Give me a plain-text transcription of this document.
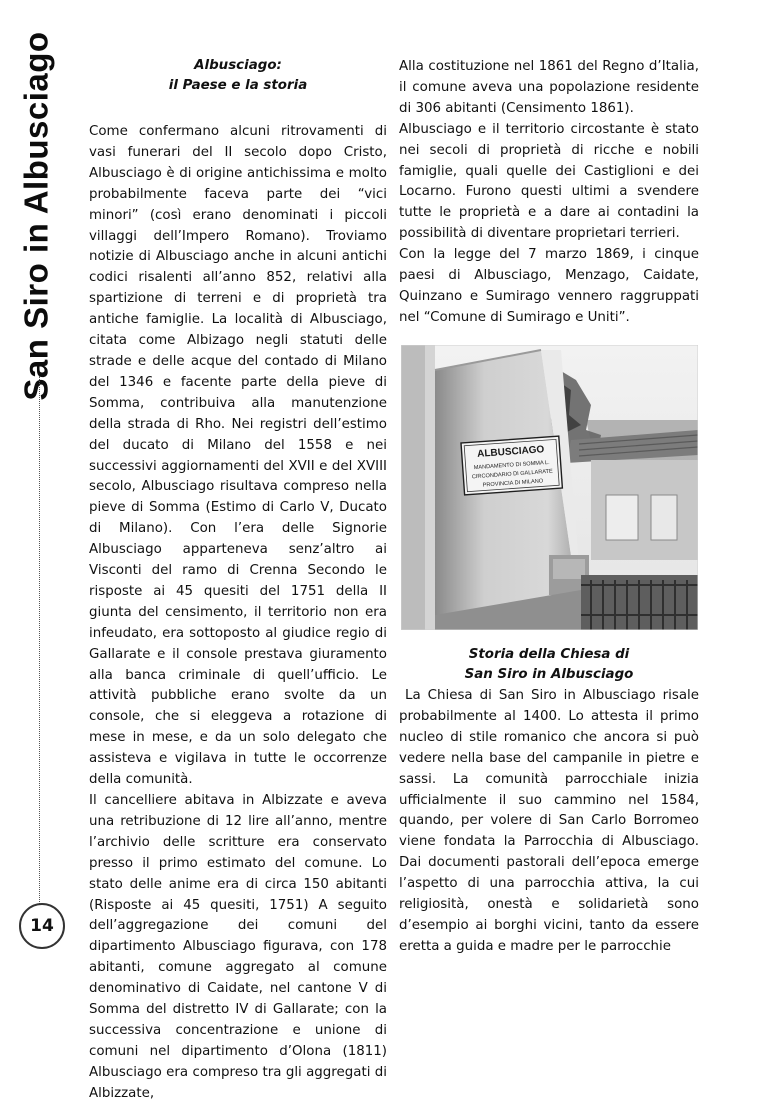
San Siro in Albusciago
14
Albusciago:
il Paese e la storia

Come confermano alcuni ritrovamenti di vasi funerari del II secolo dopo Cristo, Albusciago è di origine antichissima e molto probabilmente faceva parte dei “vici minori” (così erano denominati i piccoli villaggi dell’Impero Romano). Troviamo notizie di Albusciago anche in alcuni antichi codici risalenti all’anno 852, relativi alla spartizione di terreni e di proprietà tra antiche famiglie. La località di Albusciago, citata come Albizago negli statuti delle strade e delle acque del contado di Milano del 1346 e facente parte della pieve di Somma, contribuiva alla manutenzione della strada di Rho. Nei registri dell’estimo del ducato di Milano del 1558 e nei successivi aggiornamenti del XVII e del XVIII secolo, Albusciago risultava compreso nella pieve di Somma (Estimo di Carlo V, Ducato di Milano). Con l’era delle Signorie Albusciago apparteneva senz’altro ai Visconti del ramo di Crenna Secondo le risposte ai 45 quesiti del 1751 della II giunta del censimento, il territorio non era infeudato, era sottoposto al giudice regio di Gallarate e il console prestava giuramento alla banca criminale di quell’ufficio. Le attività pubbliche erano svolte da un console, che si eleggeva a rotazione di mese in mese, e da un solo delegato che assisteva e vigilava in tutte le occorrenze della comunità.

Il cancelliere abitava in Albizzate e aveva una retribuzione di 12 lire all’anno, mentre l’archivio delle scritture era conservato presso il primo estimato del comune. Lo stato delle anime era di circa 150 abitanti (Risposte ai 45 quesiti, 1751) A seguito dell’aggregazione dei comuni del dipartimento Albusciago figurava, con 178 abitanti, comune aggregato al comune denominativo di Caidate, nel cantone V di Somma del distretto IV di Gallarate; con la successiva concentrazione e unione di comuni nel dipartimento d’Olona (1811) Albusciago era compreso tra gli aggregati di Albizzate,

Alla costituzione nel 1861 del Regno d’Italia, il comune aveva una popolazione residente di 306 abitanti (Censimento 1861).

Albusciago e il territorio circostante è stato nei secoli di proprietà di ricche e nobili famiglie, quali quelle dei Castiglioni e dei Locarno. Furono questi ultimi a svendere tutte le proprietà e a dare ai contadini la possibilità di diventare proprietari terrieri.

Con la legge del 7 marzo 1869, i cinque paesi di Albusciago, Menzago, Caidate, Quinzano e Sumirago vennero raggruppati nel “Comune di Sumirago e Uniti”.

ALBUSCIAGO
MANDAMENTO DI SOMMA L.
CIRCONDARIO DI GALLARATE
PROVINCIA DI MILANO
Storia della Chiesa di
San Siro in Albusciago

La Chiesa di San Siro in Albusciago risale probabilmente al 1400. Lo attesta il primo nucleo di stile romanico che ancora si può vedere nella base del campanile in pietre e sassi. La comunità parrocchiale inizia ufficialmente il suo cammino nel 1584, quando, per volere di San Carlo Borromeo viene fondata la Parrocchia di Albusciago. Dai documenti pastorali dell’epoca emerge l’aspetto di una parrocchia attiva, la cui religiosità, onestà e solidarietà sono d’esempio ai borghi vicini, tanto da essere eretta a guida e madre per le parrocchie
